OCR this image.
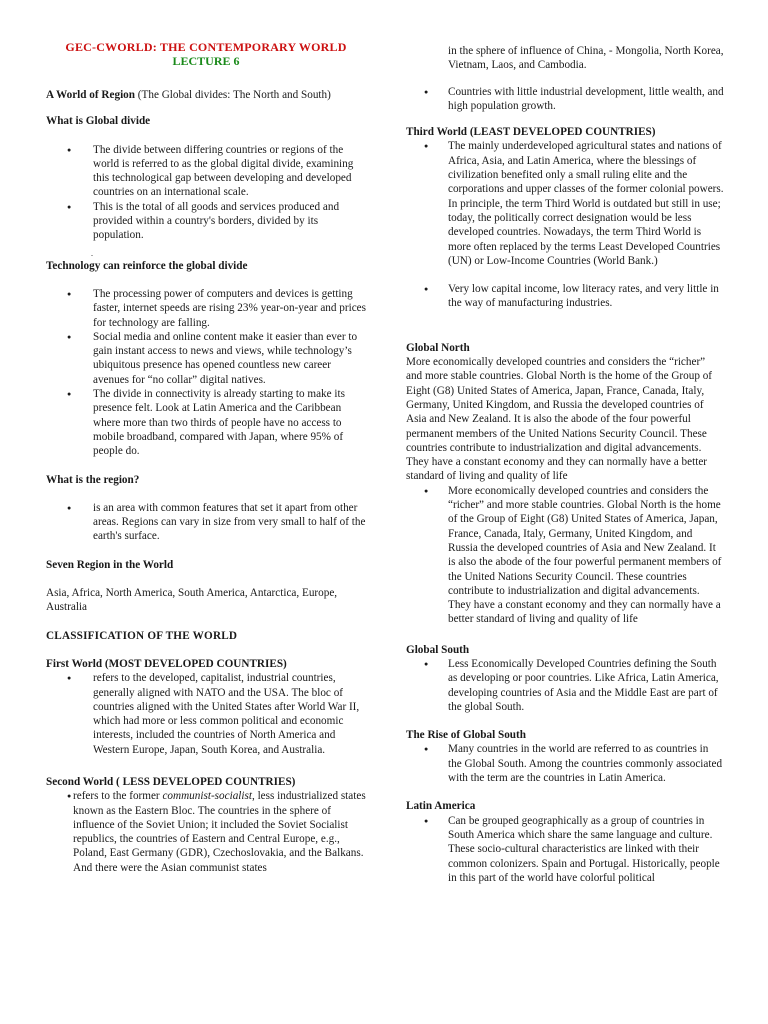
GEC-CWORLD: THE CONTEMPORARY WORLD
LECTURE 6

A World of Region (The Global divides: The North and South)

What is Global divide

● The divide between differing countries or regions of the world is referred to as the global digital divide, examining this technological gap between developing and developed countries on an international scale.
● This is the total of all goods and services produced and provided within a country's borders, divided by its population.

.

Technology can reinforce the global divide

● The processing power of computers and devices is getting faster, internet speeds are rising 23% year-on-year and prices for technology are falling.
● Social media and online content make it easier than ever to gain instant access to news and views, while technology’s ubiquitous presence has opened countless new career avenues for “no collar” digital natives.
● The divide in connectivity is already starting to make its presence felt. Look at Latin America and the Caribbean where more than two thirds of people have no access to mobile broadband, compared with Japan, where 95% of people do.

What is the region?

● is an area with common features that set it apart from other areas. Regions can vary in size from very small to half of the earth's surface.

Seven Region in the World

Asia, Africa, North America, South America, Antarctica, Europe, Australia

CLASSIFICATION OF THE WORLD

First World (MOST DEVELOPED COUNTRIES)

● refers to the developed, capitalist, industrial countries, generally aligned with NATO and the USA. The bloc of countries aligned with the United States after World War II, which had more or less common political and economic interests, included the countries of North America and Western Europe, Japan, South Korea, and Australia.

Second World ( LESS DEVELOPED COUNTRIES)

● refers to the former communist-socialist, less industrialized states known as the Eastern Bloc. The countries in the sphere of influence of the Soviet Union; it included the Soviet Socialist republics, the countries of Eastern and Central Europe, e.g., Poland, East Germany (GDR), Czechoslovakia, and the Balkans. And there were the Asian communist states

in the sphere of influence of China, - Mongolia, North Korea, Vietnam, Laos, and Cambodia.

● Countries with little industrial development, little wealth, and high population growth.

Third World (LEAST DEVELOPED COUNTRIES)

● The mainly underdeveloped agricultural states and nations of Africa, Asia, and Latin America, where the blessings of civilization benefited only a small ruling elite and the corporations and upper classes of the former colonial powers.
In principle, the term Third World is outdated but still in use; today, the politically correct designation would be less developed countries. Nowadays, the term Third World is more often replaced by the terms Least Developed Countries (UN) or Low-Income Countries (World Bank.)
● Very low capital income, low literacy rates, and very little in the way of manufacturing industries.

Global North

More economically developed countries and considers the “richer” and more stable countries. Global North is the home of the Group of Eight (G8) United States of America, Japan, France, Canada, Italy, Germany, United Kingdom, and Russia the developed countries of Asia and New Zealand. It is also the abode of the four powerful permanent members of the United Nations Security Council. These countries contribute to industrialization and digital advancements. They have a constant economy and they can normally have a better standard of living and quality of life

● More economically developed countries and considers the “richer” and more stable countries. Global North is the home of the Group of Eight (G8) United States of America, Japan, France, Canada, Italy, Germany, United Kingdom, and Russia the developed countries of Asia and New Zealand. It is also the abode of the four powerful permanent members of the United Nations Security Council. These countries contribute to industrialization and digital advancements. They have a constant economy and they can normally have a better standard of living and quality of life

Global South

● Less Economically Developed Countries defining the South as developing or poor countries. Like Africa, Latin America, developing countries of Asia and the Middle East are part of the global South.

The Rise of Global South

● Many countries in the world are referred to as countries in the Global South. Among the countries commonly associated with the term are the countries in Latin America.

Latin America

● Can be grouped geographically as a group of countries in South America which share the same language and culture. These socio-cultural characteristics are linked with their common colonizers. Spain and Portugal. Historically, people in this part of the world have colorful political
